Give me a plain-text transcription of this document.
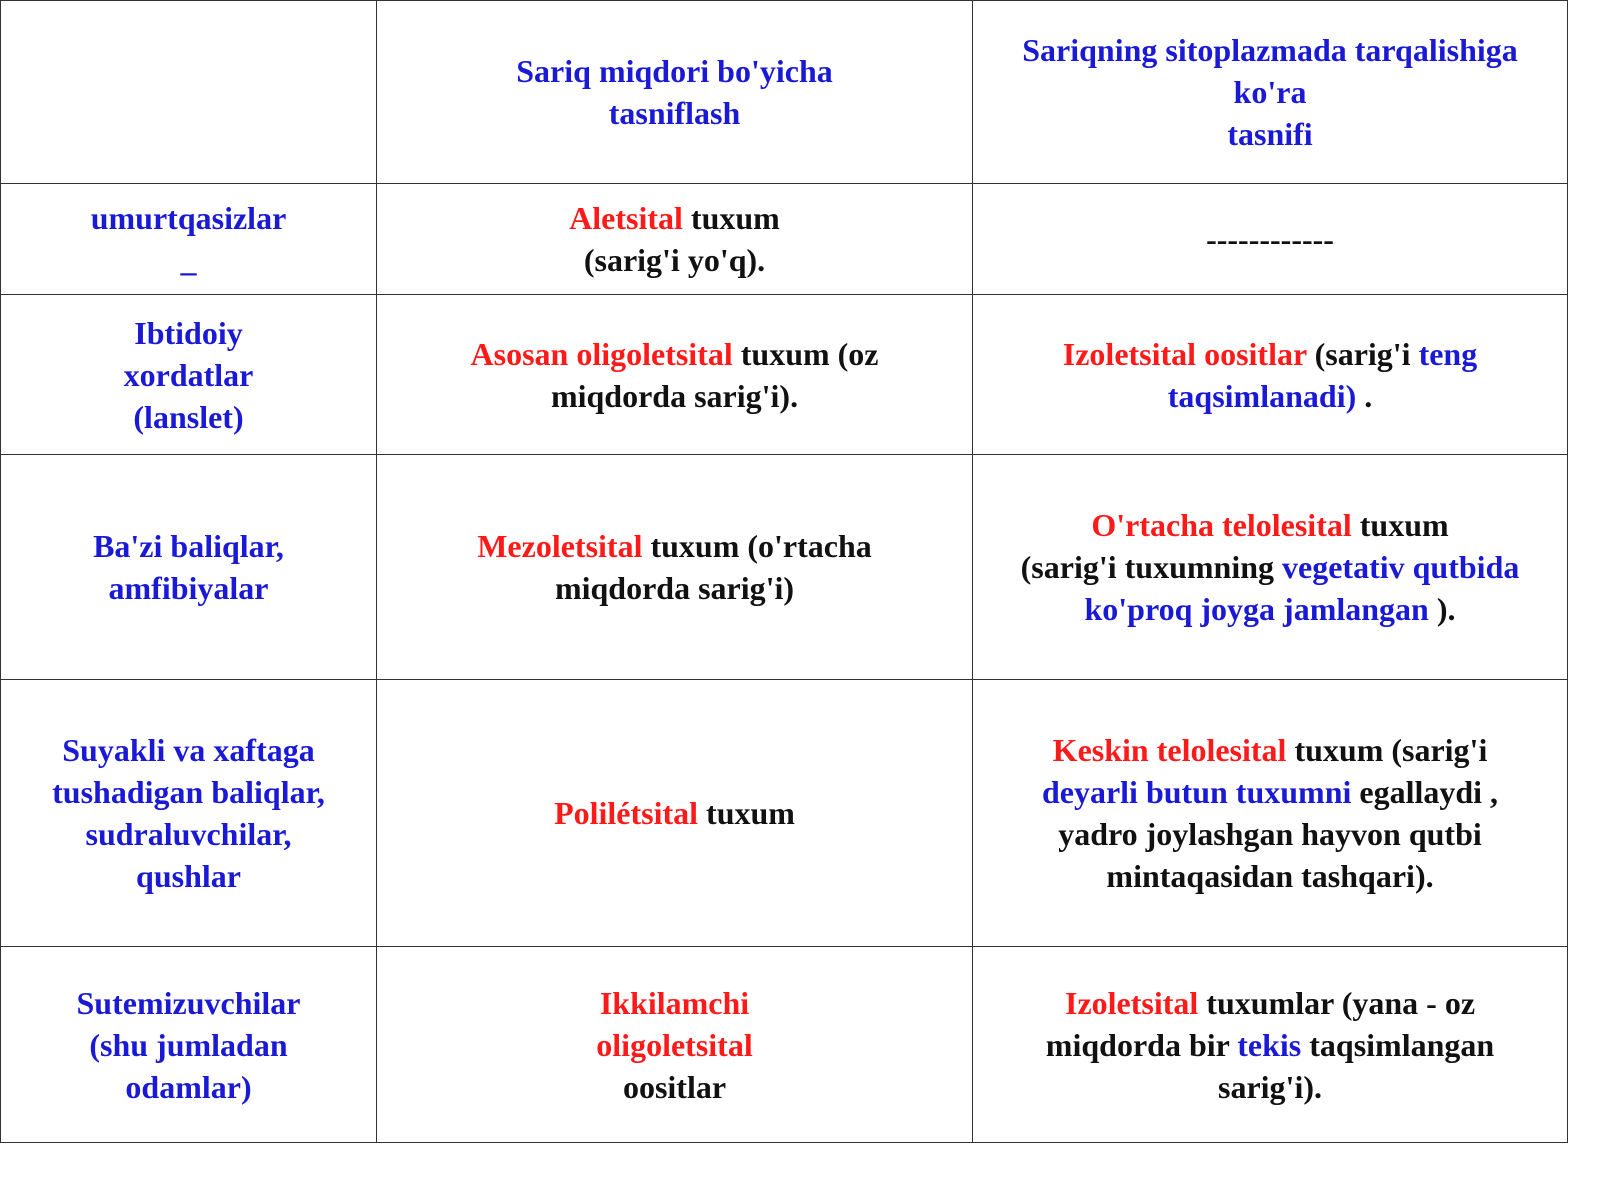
	Sariq miqdori bo'yicha
tasniflash	Sariqning sitoplazmada tarqalishiga
ko'ra
tasnifi

umurtqasizlar
_	Aletsital tuxum
(sarig'i yo'q).	------------

Ibtidoiy
xordatlar
(lanslet)	Asosan oligoletsital tuxum (oz
miqdorda sarig'i).	Izoletsital oositlar (sarig'i teng
taqsimlanadi) .

Ba'zi baliqlar,
amfibiyalar	Mezoletsital tuxum (o'rtacha
miqdorda sarig'i)	O'rtacha telolesital tuxum
(sarig'i tuxumning vegetativ qutbida
ko'proq joyga jamlangan ).

Suyakli va xaftaga
tushadigan baliqlar,
sudraluvchilar,
qushlar	Polilétsital tuxum	Keskin telolesital tuxum (sarig'i
deyarli butun tuxumni egallaydi ,
yadro joylashgan hayvon qutbi
mintaqasidan tashqari).

Sutemizuvchilar
(shu jumladan
odamlar)	Ikkilamchi
oligoletsital
oositlar	Izoletsital tuxumlar (yana - oz
miqdorda bir tekis taqsimlangan
sarig'i).
